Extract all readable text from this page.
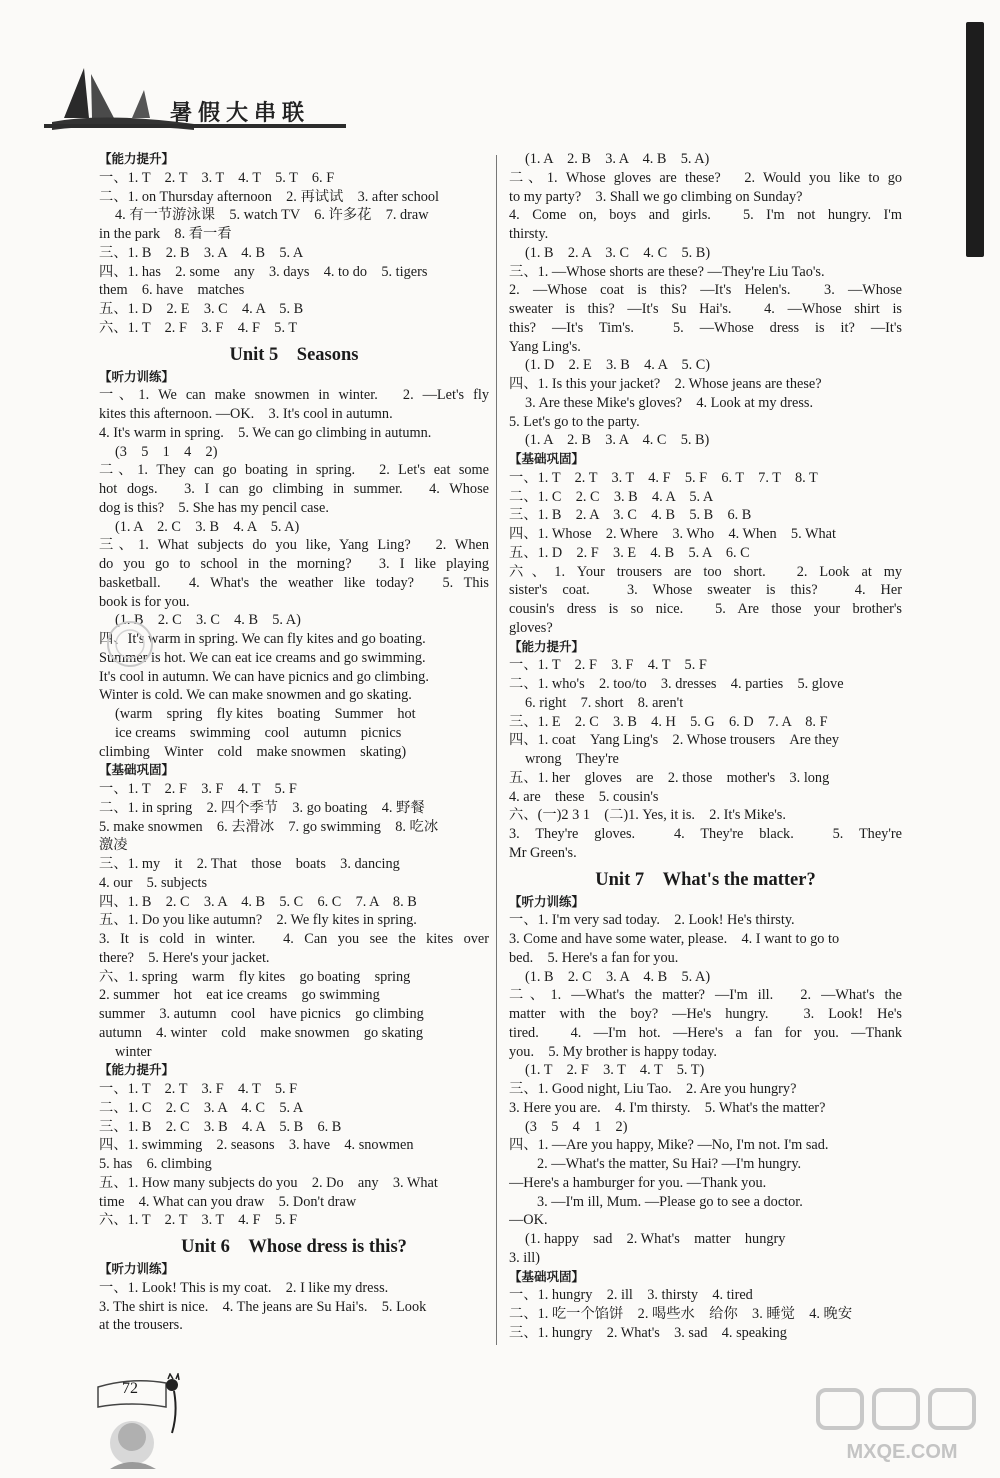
暑假大串联
【能力提升】
一、1. T　2. T　3. T　4. T　5. T　6. F
二、1. on Thursday afternoon　2. 再试试　3. after school
4. 有一节游泳课　5. watch TV　6. 许多花　7. draw
in the park　8. 看一看
三、1. B　2. B　3. A　4. B　5. A
四、1. has　2. some　any　3. days　4. to do　5. tigers
them　6. have　matches
五、1. D　2. E　3. C　4. A　5. B
六、1. T　2. F　3. F　4. F　5. T
Unit 5　Seasons
【听力训练】
一、1. We can make snowmen in winter.　2. —Let's fly
kites this afternoon. —OK.　3. It's cool in autumn.
4. It's warm in spring.　5. We can go climbing in autumn.
(3　5　1　4　2)
二、1. They can go boating in spring.　2. Let's eat some
hot dogs.　3. I can go climbing in summer.　4. Whose
dog is this?　5. She has my pencil case.
(1. A　2. C　3. B　4. A　5. A)
三、1. What subjects do you like, Yang Ling?　2. When
do you go to school in the morning?　3. I like playing
basketball.　4. What's the weather like today?　5. This
book is for you.
(1. B　2. C　3. C　4. B　5. A)
四、It's warm in spring. We can fly kites and go boating.
Summer is hot. We can eat ice creams and go swimming.
It's cool in autumn. We can have picnics and go climbing.
Winter is cold. We can make snowmen and go skating.
(warm　spring　fly kites　boating　Summer　hot
ice creams　swimming　cool　autumn　picnics
climbing　Winter　cold　make snowmen　skating)
【基础巩固】
一、1. T　2. F　3. F　4. T　5. F
二、1. in spring　2. 四个季节　3. go boating　4. 野餐
5. make snowmen　6. 去滑冰　7. go swimming　8. 吃冰
激凌
三、1. my　it　2. That　those　boats　3. dancing
4. our　5. subjects
四、1. B　2. C　3. A　4. B　5. C　6. C　7. A　8. B
五、1. Do you like autumn?　2. We fly kites in spring.
3. It is cold in winter.　4. Can you see the kites over
there?　5. Here's your jacket.
六、1. spring　warm　fly kites　go boating　spring
2. summer　hot　eat ice creams　go swimming
summer　3. autumn　cool　have picnics　go climbing
autumn　4. winter　cold　make snowmen　go skating
winter
【能力提升】
一、1. T　2. T　3. F　4. T　5. F
二、1. C　2. C　3. A　4. C　5. A
三、1. B　2. C　3. B　4. A　5. B　6. B
四、1. swimming　2. seasons　3. have　4. snowmen
5. has　6. climbing
五、1. How many subjects do you　2. Do　any　3. What
time　4. What can you draw　5. Don't draw
六、1. T　2. T　3. T　4. F　5. F
Unit 6　Whose dress is this?
【听力训练】
一、1. Look! This is my coat.　2. I like my dress.
3. The shirt is nice.　4. The jeans are Su Hai's.　5. Look
at the trousers.
(1. A　2. B　3. A　4. B　5. A)
二、1. Whose gloves are these?　2. Would you like to go
to my party?　3. Shall we go climbing on Sunday?
4. Come on, boys and girls.　5. I'm not hungry. I'm
thirsty.
(1. B　2. A　3. C　4. C　5. B)
三、1. —Whose shorts are these? —They're Liu Tao's.
2. —Whose coat is this? —It's Helen's.　3. —Whose
sweater is this? —It's Su Hai's.　4. —Whose shirt is
this? —It's Tim's.　5. —Whose dress is it? —It's
Yang Ling's.
(1. D　2. E　3. B　4. A　5. C)
四、1. Is this your jacket?　2. Whose jeans are these?
3. Are these Mike's gloves?　4. Look at my dress.
5. Let's go to the party.
(1. A　2. B　3. A　4. C　5. B)
【基础巩固】
一、1. T　2. T　3. T　4. F　5. F　6. T　7. T　8. T
二、1. C　2. C　3. B　4. A　5. A
三、1. B　2. A　3. C　4. B　5. B　6. B
四、1. Whose　2. Where　3. Who　4. When　5. What
五、1. D　2. F　3. E　4. B　5. A　6. C
六、1. Your trousers are too short.　2. Look at my
sister's coat.　3. Whose sweater is this?　4. Her
cousin's dress is so nice.　5. Are those your brother's
gloves?
【能力提升】
一、1. T　2. F　3. F　4. T　5. F
二、1. who's　2. too/to　3. dresses　4. parties　5. glove
6. right　7. short　8. aren't
三、1. E　2. C　3. B　4. H　5. G　6. D　7. A　8. F
四、1. coat　Yang Ling's　2. Whose trousers　Are they
wrong　They're
五、1. her　gloves　are　2. those　mother's　3. long
4. are　these　5. cousin's
六、(一)2 3 1　(二)1. Yes, it is.　2. It's Mike's.
3. They're gloves.　4. They're black.　5. They're
Mr Green's.
Unit 7　What's the matter?
【听力训练】
一、1. I'm very sad today.　2. Look! He's thirsty.
3. Come and have some water, please.　4. I want to go to
bed.　5. Here's a fan for you.
(1. B　2. C　3. A　4. B　5. A)
二、1. —What's the matter? —I'm ill.　2. —What's the
matter with the boy? —He's hungry.　3. Look! He's
tired.　4. —I'm hot. —Here's a fan for you. —Thank
you.　5. My brother is happy today.
(1. T　2. F　3. T　4. T　5. T)
三、1. Good night, Liu Tao.　2. Are you hungry?
3. Here you are.　4. I'm thirsty.　5. What's the matter?
(3　5　4　1　2)
四、1. —Are you happy, Mike? —No, I'm not. I'm sad.
2. —What's the matter, Su Hai? —I'm hungry.
—Here's a hamburger for you. —Thank you.
3. —I'm ill, Mum. —Please go to see a doctor.
—OK.
(1. happy　sad　2. What's　matter　hungry
3. ill)
【基础巩固】
一、1. hungry　2. ill　3. thirsty　4. tired
二、1. 吃一个馅饼　2. 喝些水　给你　3. 睡觉　4. 晚安
三、1. hungry　2. What's　3. sad　4. speaking
72
MXQE.COM
